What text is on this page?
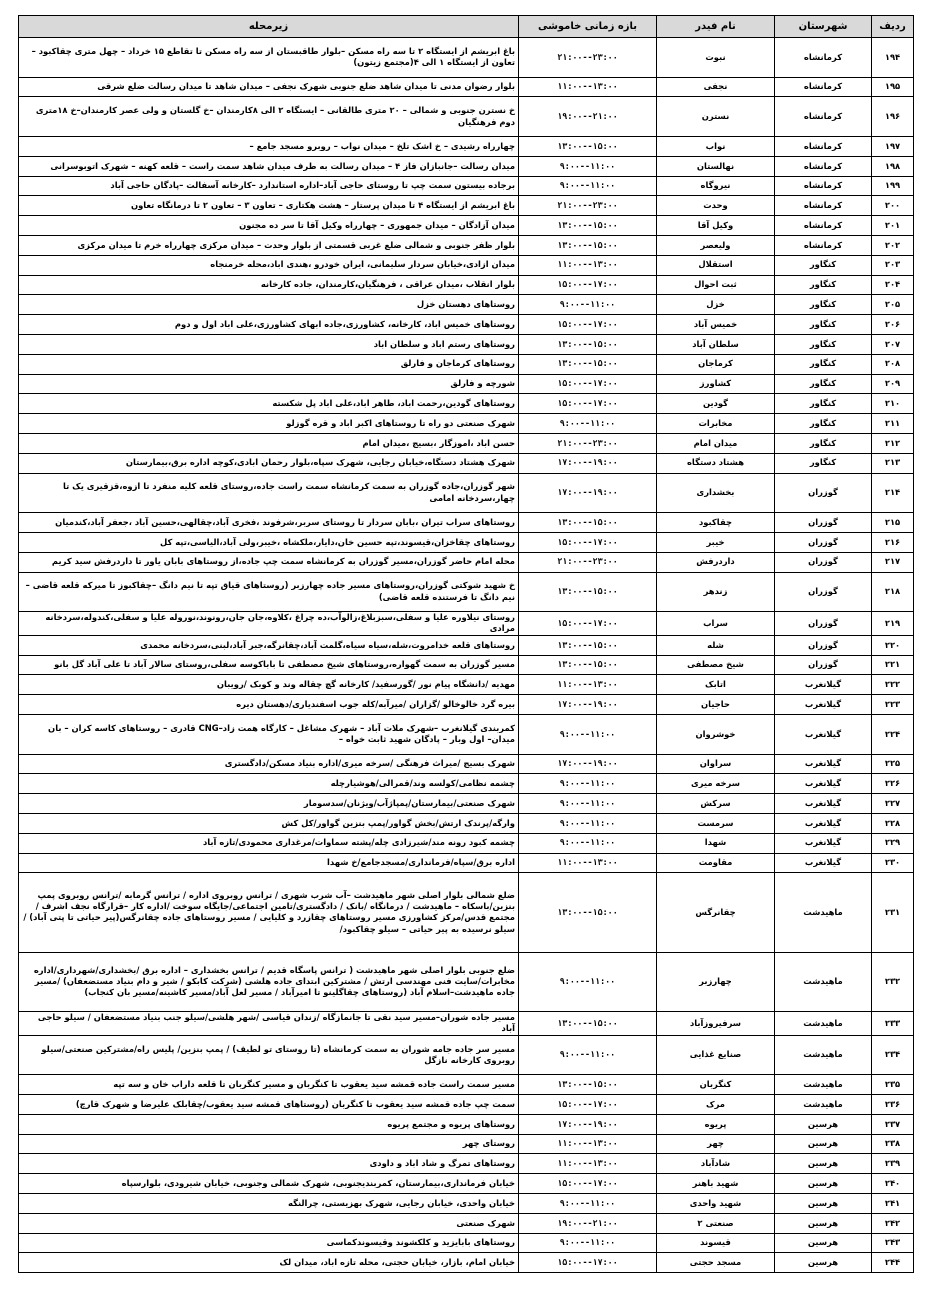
ردیف	شهرستان	نام فیدر	بازه زمانی خاموشی	زیرمحله
۱۹۴	کرمانشاه	نبوت	۲۱:۰۰--۲۳:۰۰	باغ ابریشم از ایستگاه ۲ تا سه راه مسکن –بلوار طاقبستان از سه راه مسکن تا تقاطع ۱۵ خرداد – چهل متری چقاکبود –تعاون از ایستگاه ۱ الی ۴(مجتمع زیتون)
۱۹۵	کرمانشاه	نجفی	۱۱:۰۰--۱۳:۰۰	بلوار رضوان مدنی تا میدان شاهد ضلع جنوبی شهرک نجفی – میدان شاهد تا میدان رسالت ضلع شرقی
۱۹۶	کرمانشاه	نسترن	۱۹:۰۰--۲۱:۰۰	خ نسترن جنوبی و شمالی – ۲۰ متری طالقانی – ایستگاه ۲ الی ۸کارمندان –خ گلستان و ولی عصر کارمندان–خ ۱۸متری دوم فرهنگیان
۱۹۷	کرمانشاه	نواب	۱۳:۰۰--۱۵:۰۰	چهارراه رشیدی – خ اشک تلخ – میدان نواب – روبرو مسجد جامع –
۱۹۸	کرمانشاه	نهالستان	۹:۰۰--۱۱:۰۰	میدان رسالت –جانبازان فاز ۴ – میدان رسالت به طرف میدان شاهد سمت راست – قلعه کهنه – شهرک اتوبوسرانی
۱۹۹	کرمانشاه	نیروگاه	۹:۰۰--۱۱:۰۰	برجاده بیستون سمت چپ تا روستای حاجی آباد–اداره استاندارد –کارخانه آسفالت –پادگان حاجی آباد
۲۰۰	کرمانشاه	وحدت	۲۱:۰۰--۲۳:۰۰	باغ ابریشم از ایستگاه ۴ تا میدان پرستار – هشت هکتاری – تعاون ۳ – تعاون ۲ تا درمانگاه تعاون
۲۰۱	کرمانشاه	وکیل آقا	۱۳:۰۰--۱۵:۰۰	میدان آزادگان – میدان جمهوری – چهارراه وکیل آقا تا سر ده مجنون
۲۰۲	کرمانشاه	ولیعصر	۱۳:۰۰--۱۵:۰۰	بلوار ظفر جنوبی و شمالی ضلع غربی قسمتی از بلوار وحدت – میدان مرکزی چهارراه خرم تا میدان مرکزی
۲۰۳	کنگاور	استقلال	۱۱:۰۰--۱۳:۰۰	میدان ازادی،خیابان سردار سلیمانی، ایران خودرو ،هندی اباد،محله خرمنجاه
۲۰۴	کنگاور	ثبت احوال	۱۵:۰۰--۱۷:۰۰	بلوار انقلاب ،میدان عراقی ، فرهنگیان،کارمندان، جاده کارخانه
۲۰۵	کنگاور	خزل	۹:۰۰--۱۱:۰۰	روستاهای دهستان خزل
۲۰۶	کنگاور	خمیس آباد	۱۵:۰۰--۱۷:۰۰	روستاهای خمیس اباد، کارخانه، کشاورزی،جاده ابهای کشاورزی،علی اباد اول و دوم
۲۰۷	کنگاور	سلطان آباد	۱۳:۰۰--۱۵:۰۰	روستاهای رستم اباد و سلطان اباد
۲۰۸	کنگاور	کرماجان	۱۳:۰۰--۱۵:۰۰	روستاهای کرماجان و فارلق
۲۰۹	کنگاور	کشاورز	۱۵:۰۰--۱۷:۰۰	شورچه و فارلق
۲۱۰	کنگاور	گودین	۱۵:۰۰--۱۷:۰۰	روستاهای گودین،رحمت اباد، طاهر اباد،علی اباد پل شکسته
۲۱۱	کنگاور	مخابرات	۹:۰۰--۱۱:۰۰	شهرک صنعتی دو راه تا روستاهای اکبر اباد و قره گوزلو
۲۱۲	کنگاور	میدان امام	۲۱:۰۰--۲۳:۰۰	حسن اباد ،اموزگار ،بسیج ،میدان امام
۲۱۳	کنگاور	هشتاد دستگاه	۱۷:۰۰--۱۹:۰۰	شهرک هشتاد دستگاه،خیابان رجایی، شهرک سپاه،بلوار رحمان ابادی،کوچه اداره برق،بیمارستان
۲۱۴	گوزران	بخشداری	۱۷:۰۰--۱۹:۰۰	شهر گوزران،جاده گوزران به سمت کرمانشاه سمت راست جاده،روستای قلعه کلیه منفرد تا ازوه،قزقیری یک تا چهار،سردخانه امامی
۲۱۵	گوزران	چقاکبود	۱۳:۰۰--۱۵:۰۰	روستاهای سراب تیران ،بابان سردار تا روستای سربر،شرفوند ،فخری آباد،چقالهی،حسین آباد ،جعفر آباد،کندمیان
۲۱۶	گوزران	خیبر	۱۵:۰۰--۱۷:۰۰	روستاهای چقاخزان،قیسوند،تپه حسین خان،دایار،ملکشاه ،خیبر،ولی آباد،الیاسی،تپه کل
۲۱۷	گوزران	داردرفش	۲۱:۰۰--۲۳:۰۰	محله امام حاضر گوزران،مسیر گوزران به کرمانشاه سمت چپ جاده،از روستاهای بابان یاور تا داردرفش سید کریم
۲۱۸	گوزران	زندهر	۱۳:۰۰--۱۵:۰۰	خ شهید شوکتی گوزران،روستاهای مسیر جاده چهارزبر (روستاهای قیاق تپه تا نیم دانگ –چقاکبوز تا میرکه قلعه قاضی –نیم دانگ تا فرستنده قلعه قاضی)
۲۱۹	گوزران	سراب	۱۵:۰۰--۱۷:۰۰	روستای نیلاوره علیا و سفلی،سبزبلاغ،زالوآب،ده چراغ ،کلاوه،جان جان،رونوند،نوروله علیا و سفلی،کندوله،سردخانه مرادی
۲۲۰	گوزران	شله	۱۳:۰۰--۱۵:۰۰	روستاهای قلعه خدامروت،شله،سیاه سیاه،گلمت آباد،چقانرگه،جبر آباد،لبنی،سردخانه محمدی
۲۲۱	گوزران	شیخ مصطفی	۱۳:۰۰--۱۵:۰۰	مسیر گوزران به سمت گهواره،روستاهای شیخ مصطفی تا باباکوسه سفلی،روستای سالار آباد تا علی آباد گل بانو
۲۲۲	گیلانغرب	اتابک	۱۱:۰۰--۱۳:۰۰	مهدیه /دانشگاه پیام نور /گورسفید/ کارخانه گچ چقاله وند و کوبک /رویبان
۲۲۳	گیلانغرب	حاجیان	۱۷:۰۰--۱۹:۰۰	بیره گرد خالوخالو /گزاران /میرآبه/کله جوب اسفندیاری/دهستان دیره
۲۲۴	گیلانغرب	خوشروان	۹:۰۰--۱۱:۰۰	کمربندی گیلانغرب –شهرک ملات آباد – شهرک مشاغل – کارگاه همت زاد–CNG قادری – روستاهای کاسه کران – بان میدان– اول وبار – پادگان شهید ثابت خواه –
۲۲۵	گیلانغرب	سراوان	۱۷:۰۰--۱۹:۰۰	شهرک بسیج /میراث فرهنگی /سرخه میری/اداره بنیاد مسکن/دادگستری
۲۲۶	گیلانغرب	سرخه میری	۹:۰۰--۱۱:۰۰	چشمه نظامی/کولسه وند/قمرالی/هوشیارچله
۲۲۷	گیلانغرب	سرکش	۹:۰۰--۱۱:۰۰	شهرک صنعتی/بیمارستان/پمپاژآب/ویژنان/سدسومار
۲۲۸	گیلانغرب	سرمست	۹:۰۰--۱۱:۰۰	وارگه/پرندک ارتش/بخش گواور/پمپ بنزین گواور/کل کش
۲۲۹	گیلانغرب	شهدا	۹:۰۰--۱۱:۰۰	چشمه کبود رونه مند/شیرزادی چله/پشته سماوات/مرغداری محمودی/تازه آباد
۲۳۰	گیلانغرب	مقاومت	۱۱:۰۰--۱۳:۰۰	اداره برق/سپاه/فرمانداری/مسجدجامع/خ شهدا
۲۳۱	ماهیدشت	چقانرگس	۱۳:۰۰--۱۵:۰۰	ضلع شمالی بلوار اصلی شهر ماهیدشت –آب شرب شهری / ترانس روبروی اداره / ترانس گرمابه /ترانس روبروی پمپ بنزین/باسکاه – ماهیدشت / درمانگاه /بانک / دادگستری/تامین اجتماعی/جایگاه سوخت /اداره کار –قرارگاه نجف اشرف /مجتمع قدس/مرکز کشاورزی مسیر روستاهای چقازرد و کلیایی / مسیر روستاهای جاده چقانرگس(پیر حیاتی تا پتی آباد) /سیلو نرسیده به پیر حیاتی – سیلو چقاکبود/
۲۳۲	ماهیدشت	چهارزبر	۹:۰۰--۱۱:۰۰	ضلع جنوبی بلوار اصلی شهر ماهیدشت ( ترانس پاسگاه قدیم / ترانس بخشداری – اداره برق /بخشداری/شهرداری/اداره مخابرات/سایت فنی مهندسی ارتش / مشترکین ابتدای جاده هلشی (شرکت کابکو / شیر و دام بنیاد مستضعفان) /مسیر جاده ماهیدشت–اسلام آباد (روستاهای چقاگلینو تا امیرآباد / مسیر لعل آباد/مسیر کاشینه/مسیر بان کنجاب)
۲۳۳	ماهیدشت	سرفیروزآباد	۱۳:۰۰--۱۵:۰۰	مسیر جاده شوران–مسیر سید نقی تا جانمازگاه /زندان قیاسی /شهر هلشی/سیلو جنب بنیاد مستضعفان / سیلو حاجی آباد
۲۳۴	ماهیدشت	صنایع غذایی	۹:۰۰--۱۱:۰۰	مسیر سر جاده جامه شوران به سمت کرمانشاه (تا روستای تو لطیف) / پمپ بنزین/ پلیس راه/مشترکین صنعتی/سیلو روبروی کارخانه نازگل
۲۳۵	ماهیدشت	کنگربان	۱۳:۰۰--۱۵:۰۰	مسیر سمت راست جاده قمشه سید یعقوب تا کنگربان و مسیر کنگربان تا قلعه داراب خان و سه تپه
۲۳۶	ماهیدشت	مرک	۱۵:۰۰--۱۷:۰۰	سمت چپ جاده قمشه سید یعقوب تا کنگربان (روستاهای قمشه سید یعقوب/چقابلک علیرضا و شهرک قارچ)
۲۳۷	هرسین	پریوه	۱۷:۰۰--۱۹:۰۰	روستاهای پریوه و مجتمع پریوه
۲۳۸	هرسین	چهر	۱۱:۰۰--۱۳:۰۰	روستای چهر
۲۳۹	هرسین	شادآباد	۱۱:۰۰--۱۳:۰۰	روستاهای تمرگ و شاد اباد و داودی
۲۴۰	هرسین	شهید باهنر	۱۵:۰۰--۱۷:۰۰	خیابان فرمانداری،بیمارستان، کمربندیجنوبی، شهرک شمالی وجنوبی، خیابان شیرودی، بلوارسپاه
۲۴۱	هرسین	شهید واحدی	۹:۰۰--۱۱:۰۰	خیابان واحدی، خیابان رجایی، شهرک بهزیستی، چرالنگه
۲۴۲	هرسین	صنعتی ۲	۱۹:۰۰--۲۱:۰۰	شهرک صنعتی
۲۴۳	هرسین	قیسوند	۹:۰۰--۱۱:۰۰	روستاهای بابایزید و کلکشوند وقیسوندکماسی
۲۴۴	هرسین	مسجد حجتی	۱۵:۰۰--۱۷:۰۰	خیابان امام، بازار، خیابان حجتی، محله تازه اباد، میدان لک
